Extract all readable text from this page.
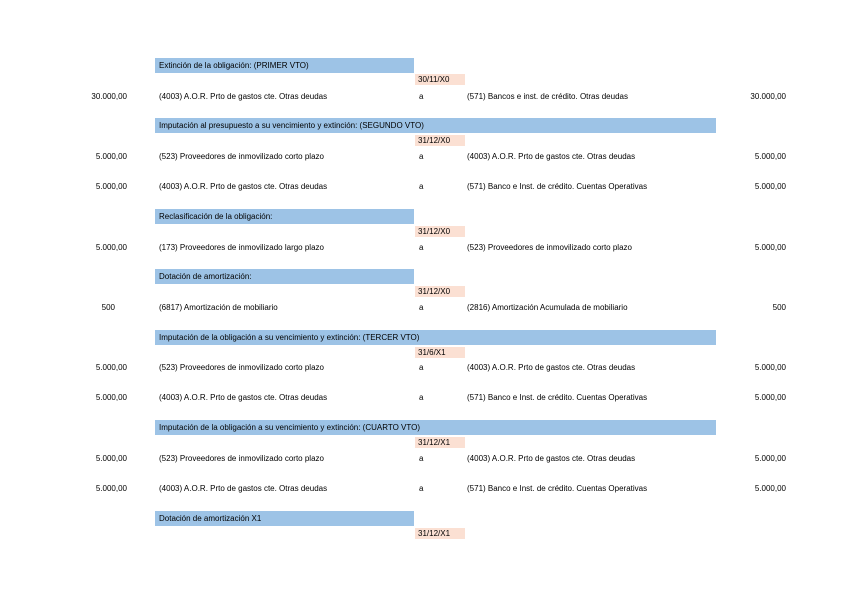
Extinción de la obligación: (PRIMER VTO)
30/11/X0
30.000,00	(4003) A.O.R. Prto de gastos cte. Otras deudas	a	(571) Bancos e inst. de crédito. Otras deudas	30.000,00
Imputación al presupuesto a su vencimiento y extinción: (SEGUNDO VTO)
31/12/X0
5.000,00	(523) Proveedores de inmovilizado corto plazo	a	(4003) A.O.R. Prto de gastos cte. Otras deudas	5.000,00
5.000,00	(4003) A.O.R. Prto de gastos cte. Otras deudas	a	(571) Banco e Inst. de crédito. Cuentas Operativas	5.000,00
Reclasificación de la obligación:
31/12/X0
5.000,00	(173) Proveedores de inmovilizado largo plazo	a	(523) Proveedores de inmovilizado corto plazo	5.000,00
Dotación de amortización:
31/12/X0
500	(6817) Amortización de mobiliario	a	(2816) Amortización Acumulada de mobiliario	500
Imputación de la obligación a su vencimiento y extinción: (TERCER VTO)
31/6/X1
5.000,00	(523) Proveedores de inmovilizado corto plazo	a	(4003) A.O.R. Prto de gastos cte. Otras deudas	5.000,00
5.000,00	(4003) A.O.R. Prto de gastos cte. Otras deudas	a	(571) Banco e Inst. de crédito. Cuentas Operativas	5.000,00
Imputación de la obligación a su vencimiento y extinción: (CUARTO VTO)
31/12/X1
5.000,00	(523) Proveedores de inmovilizado corto plazo	a	(4003) A.O.R. Prto de gastos cte. Otras deudas	5.000,00
5.000,00	(4003) A.O.R. Prto de gastos cte. Otras deudas	a	(571) Banco e Inst. de crédito. Cuentas Operativas	5.000,00
Dotación de amortización X1
31/12/X1
